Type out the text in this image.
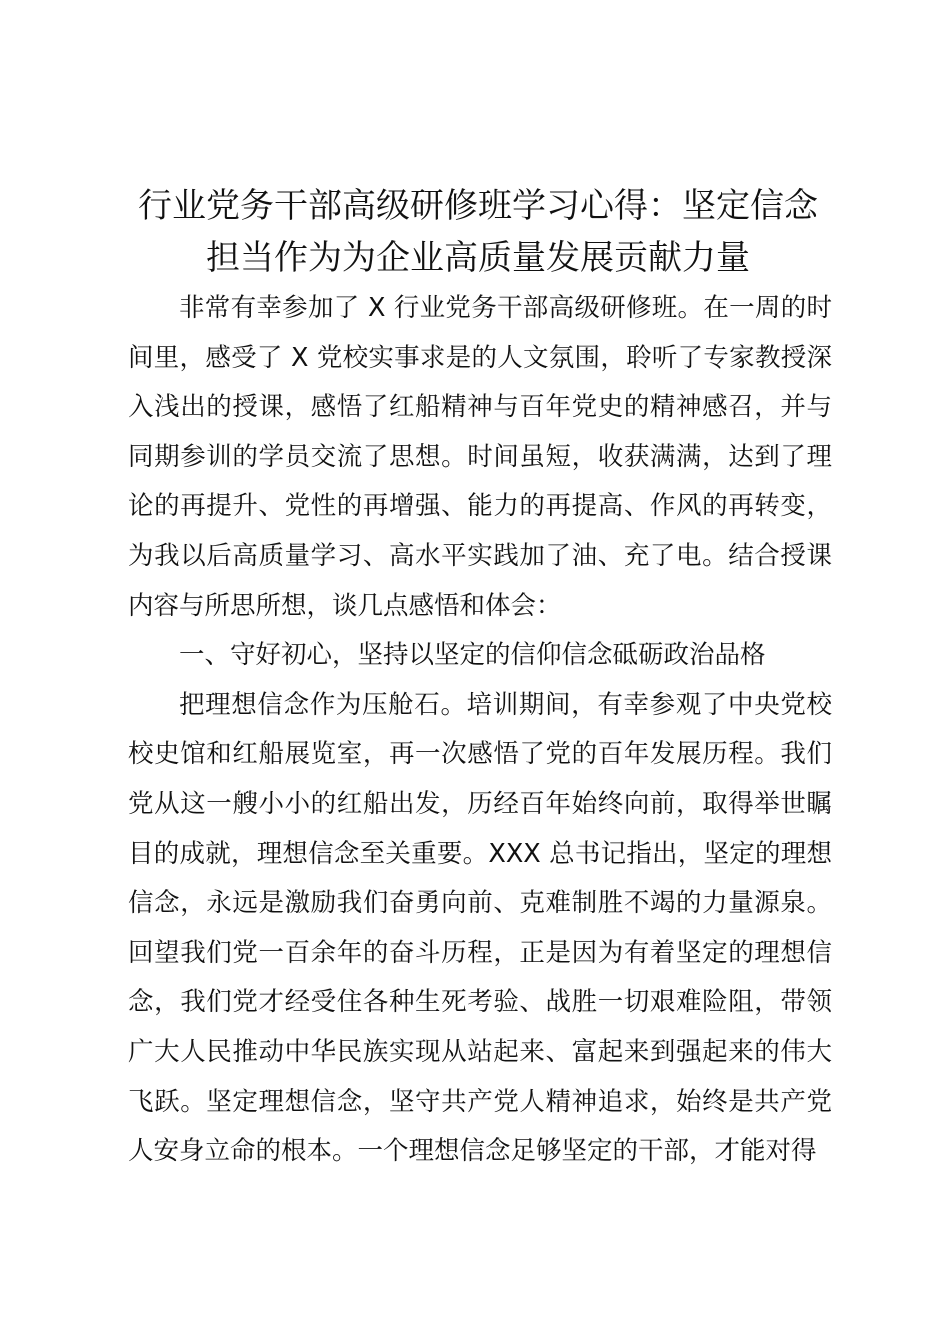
行业党务干部高级研修班学习心得：坚定信念
担当作为为企业高质量发展贡献力量

非常有幸参加了 X 行业党务干部高级研修班。在一周的时间里，感受了 X 党校实事求是的人文氛围，聆听了专家教授深入浅出的授课，感悟了红船精神与百年党史的精神感召，并与同期参训的学员交流了思想。时间虽短，收获满满，达到了理论的再提升、党性的再增强、能力的再提高、作风的再转变，为我以后高质量学习、高水平实践加了油、充了电。结合授课内容与所思所想，谈几点感悟和体会：

一、守好初心，坚持以坚定的信仰信念砥砺政治品格

把理想信念作为压舱石。培训期间，有幸参观了中央党校校史馆和红船展览室，再一次感悟了党的百年发展历程。我们党从这一艘小小的红船出发，历经百年始终向前，取得举世瞩目的成就，理想信念至关重要。XXX 总书记指出，坚定的理想信念，永远是激励我们奋勇向前、克难制胜不竭的力量源泉。回望我们党一百余年的奋斗历程，正是因为有着坚定的理想信念，我们党才经受住各种生死考验、战胜一切艰难险阻，带领广大人民推动中华民族实现从站起来、富起来到强起来的伟大飞跃。坚定理想信念，坚守共产党人精神追求，始终是共产党人安身立命的根本。一个理想信念足够坚定的干部，才能对得
